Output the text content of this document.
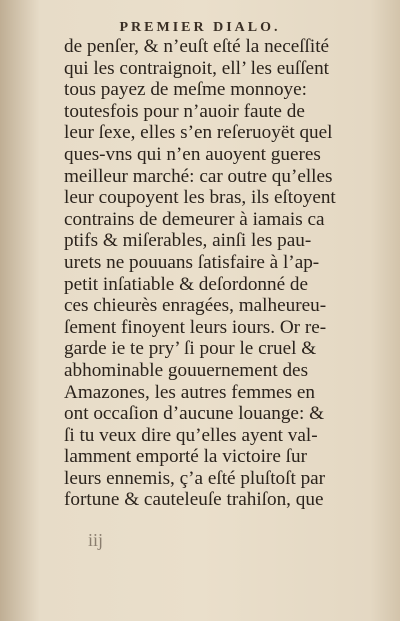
PREMIER DIALO.
de penſer, & n’euſt eſté la neceſſité
qui les contraignoit, ell’ les euſſent
tous payez de meſme monnoye:
toutesfois pour n’auoir faute de
leur ſexe, elles s’en reſeruoyët quel
ques-vns qui n’en auoyent gueres
meilleur marché: car outre qu’elles
leur coupoyent les bras, ils eſtoyent
contrains de demeurer à iamais ca
ptifs & miſerables, ainſi les pau-
urets ne pouuans ſatisfaire à l’ap-
petit inſatiable & deſordonné de
ces chieurès enragées, malheureu-
ſement finoyent leurs iours. Or re-
garde ie te pry’ ſi pour le cruel &
abhominable gouuernement des
Amazones, les autres femmes en
ont occaſion d’aucune louange: &
ſi tu veux dire qu’elles ayent val-
lamment emporté la victoire ſur
leurs ennemis, ç’a eſté pluſtoſt par
fortune & cauteleuſe trahiſon, que
iij
